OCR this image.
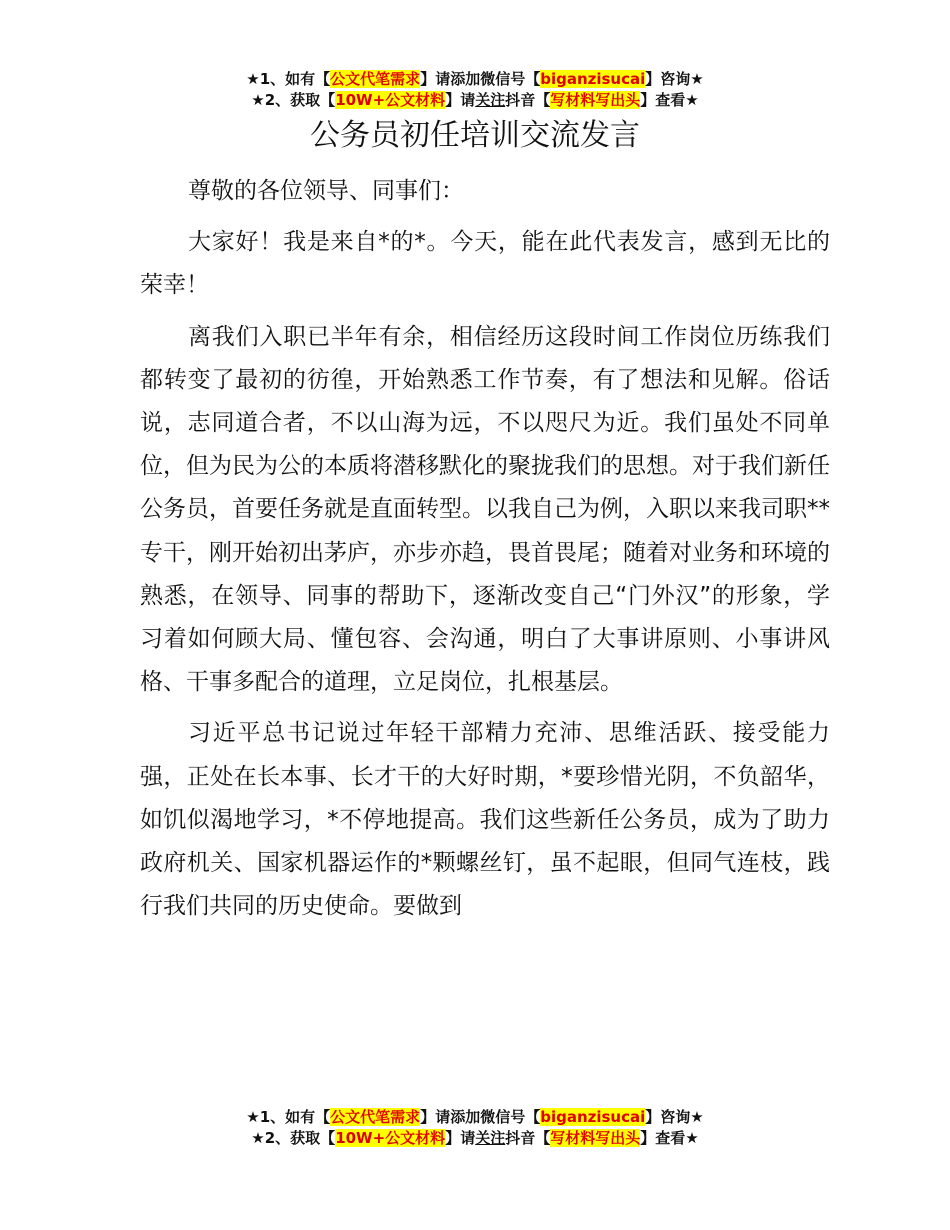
★1、如有【公文代笔需求】请添加微信号【biganzisucai】咨询★
★2、获取【10W+公文材料】请关注抖音【写材料写出头】查看★
公务员初任培训交流发言

尊敬的各位领导、同事们：

大家好！我是来自*的*。今天，能在此代表发言，感到无比的荣幸！

离我们入职已半年有余，相信经历这段时间工作岗位历练我们都转变了最初的彷徨，开始熟悉工作节奏，有了想法和见解。俗话说，志同道合者，不以山海为远，不以咫尺为近。我们虽处不同单位，但为民为公的本质将潜移默化的聚拢我们的思想。对于我们新任公务员，首要任务就是直面转型。以我自己为例，入职以来我司职**专干，刚开始初出茅庐，亦步亦趋，畏首畏尾；随着对业务和环境的熟悉，在领导、同事的帮助下，逐渐改变自己“门外汉”的形象，学习着如何顾大局、懂包容、会沟通，明白了大事讲原则、小事讲风格、干事多配合的道理，立足岗位，扎根基层。

习近平总书记说过年轻干部精力充沛、思维活跃、接受能力强，正处在长本事、长才干的大好时期，*要珍惜光阴，不负韶华，如饥似渴地学习，*不停地提高。我们这些新任公务员，成为了助力政府机关、国家机器运作的*颗螺丝钉，虽不起眼，但同气连枝，践行我们共同的历史使命。要做到

★1、如有【公文代笔需求】请添加微信号【biganzisucai】咨询★
★2、获取【10W+公文材料】请关注抖音【写材料写出头】查看★
